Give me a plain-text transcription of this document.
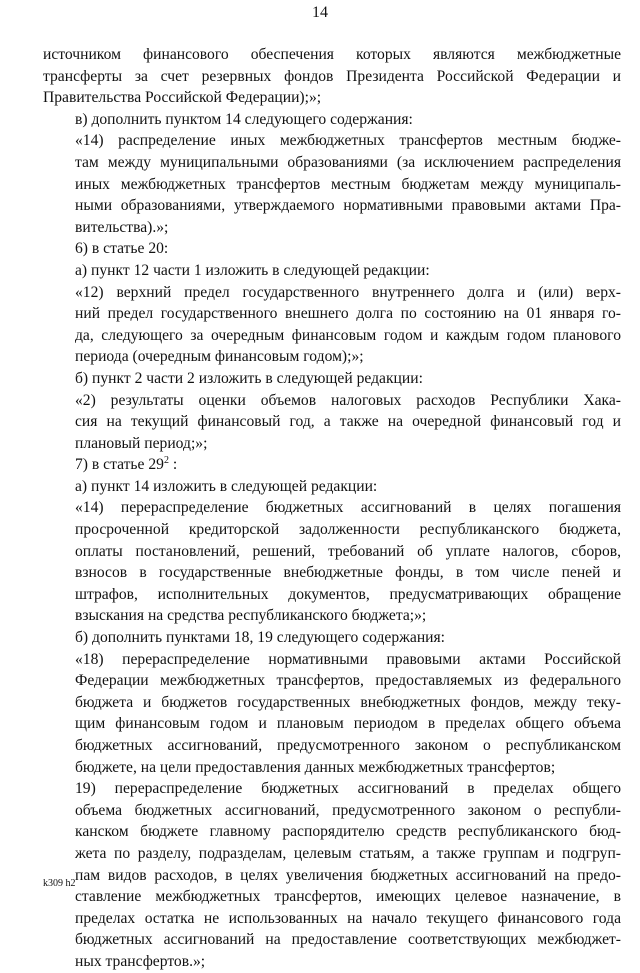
14
источником финансового обеспечения которых являются межбюджетные
трансферты за счет резервных фондов Президента Российской Федерации и
Правительства Российской Федерации);»;
в) дополнить пунктом 14 следующего содержания:
«14) распределение иных межбюджетных трансфертов местным бюдже-
там между муниципальными образованиями (за исключением распределения
иных межбюджетных трансфертов местным бюджетам между муниципаль-
ными образованиями, утверждаемого нормативными правовыми актами Пра-
вительства).»;
6) в статье 20:
а) пункт 12 части 1 изложить в следующей редакции:
«12) верхний предел государственного внутреннего долга и (или) верх-
ний предел государственного внешнего долга по состоянию на 01 января го-
да, следующего за очередным финансовым годом и каждым годом планового
периода (очередным финансовым годом);»;
б) пункт 2 части 2 изложить в следующей редакции:
«2) результаты оценки объемов налоговых расходов Республики Хака-
сия на текущий финансовый год, а также на очередной финансовый год и
плановый период;»;
7) в статье $29^2$ :
а) пункт 14 изложить в следующей редакции:
«14) перераспределение бюджетных ассигнований в целях погашения
просроченной кредиторской задолженности республиканского бюджета,
оплаты постановлений, решений, требований об уплате налогов, сборов,
взносов в государственные внебюджетные фонды, в том числе пеней и
штрафов, исполнительных документов, предусматривающих обращение
взыскания на средства республиканского бюджета;»;
б) дополнить пунктами 18, 19 следующего содержания:
«18) перераспределение нормативными правовыми актами Российской
Федерации межбюджетных трансфертов, предоставляемых из федерального
бюджета и бюджетов государственных внебюджетных фондов, между теку-
щим финансовым годом и плановым периодом в пределах общего объема
бюджетных ассигнований, предусмотренного законом о республиканском
бюджете, на цели предоставления данных межбюджетных трансфертов;
19) перераспределение бюджетных ассигнований в пределах общего
объема бюджетных ассигнований, предусмотренного законом о республи-
канском бюджете главному распорядителю средств республиканского бюд-
жета по разделу, подразделам, целевым статьям, а также группам и подгруп-
пам видов расходов, в целях увеличения бюджетных ассигнований на предо-
ставление межбюджетных трансфертов, имеющих целевое назначение, в
пределах остатка не использованных на начало текущего финансового года
бюджетных ассигнований на предоставление соответствующих межбюджет-
ных трансфертов.»;
k309 h2
